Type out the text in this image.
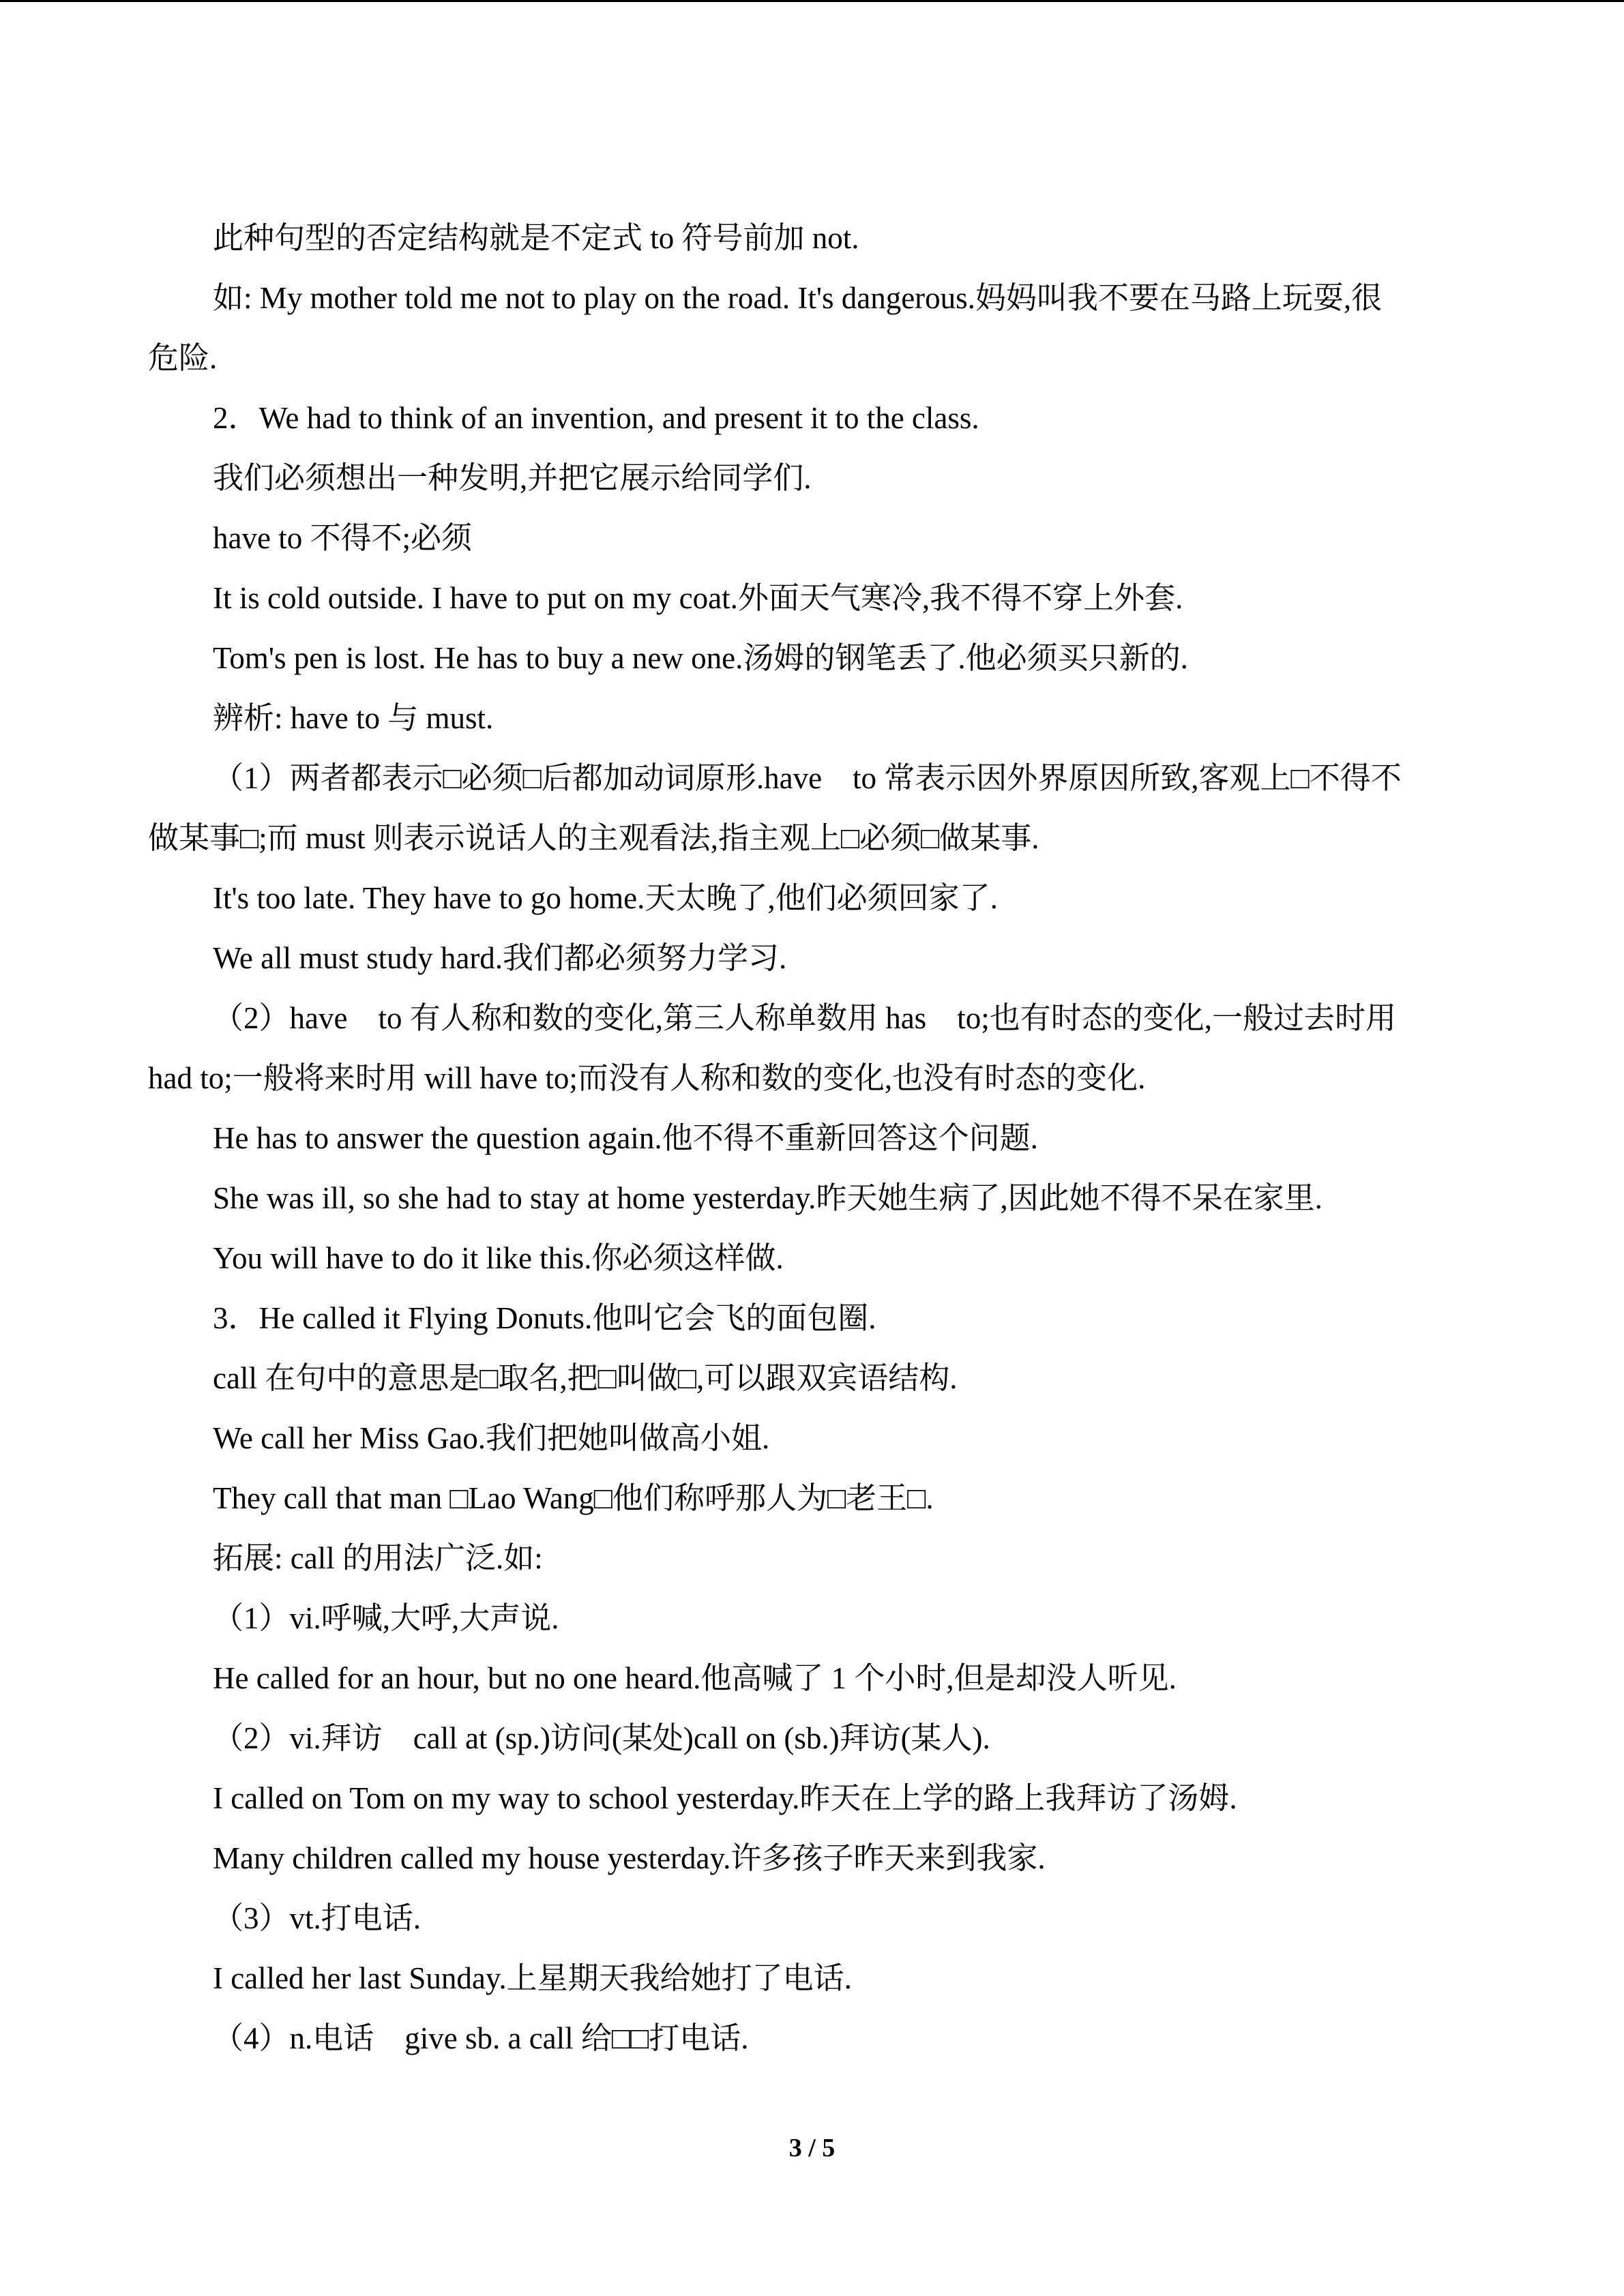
此种句型的否定结构就是不定式 to 符号前加 not.
如: My mother told me not to play on the road. It's dangerous.妈妈叫我不要在马路上玩耍,很
危险.
2．We had to think of an invention, and present it to the class.
我们必须想出一种发明,并把它展示给同学们.
have to 不得不;必须
It is cold outside. I have to put on my coat.外面天气寒冷,我不得不穿上外套.
Tom's pen is lost. He has to buy a new one.汤姆的钢笔丢了.他必须买只新的.
辨析: have to 与 must.
（1）两者都表示□必须□后都加动词原形.have　to 常表示因外界原因所致,客观上□不得不
做某事□;而 must 则表示说话人的主观看法,指主观上□必须□做某事.
It's too late. They have to go home.天太晚了,他们必须回家了.
We all must study hard.我们都必须努力学习.
（2）have　to 有人称和数的变化,第三人称单数用 has　to;也有时态的变化,一般过去时用
had to;一般将来时用 will have to;而没有人称和数的变化,也没有时态的变化.
He has to answer the question again.他不得不重新回答这个问题.
She was ill, so she had to stay at home yesterday.昨天她生病了,因此她不得不呆在家里.
You will have to do it like this.你必须这样做.
3．He called it Flying Donuts.他叫它会飞的面包圈.
call 在句中的意思是□取名,把□叫做□,可以跟双宾语结构.
We call her Miss Gao.我们把她叫做高小姐.
They call that man □Lao Wang□他们称呼那人为□老王□.
拓展: call 的用法广泛.如:
（1）vi.呼喊,大呼,大声说.
He called for an hour, but no one heard.他高喊了 1 个小时,但是却没人听见.
（2）vi.拜访　call at (sp.)访问(某处)call on (sb.)拜访(某人).
I called on Tom on my way to school yesterday.昨天在上学的路上我拜访了汤姆.
Many children called my house yesterday.许多孩子昨天来到我家.
（3）vt.打电话.
I called her last Sunday.上星期天我给她打了电话.
（4）n.电话　give sb. a call 给□□打电话.
3 / 5
